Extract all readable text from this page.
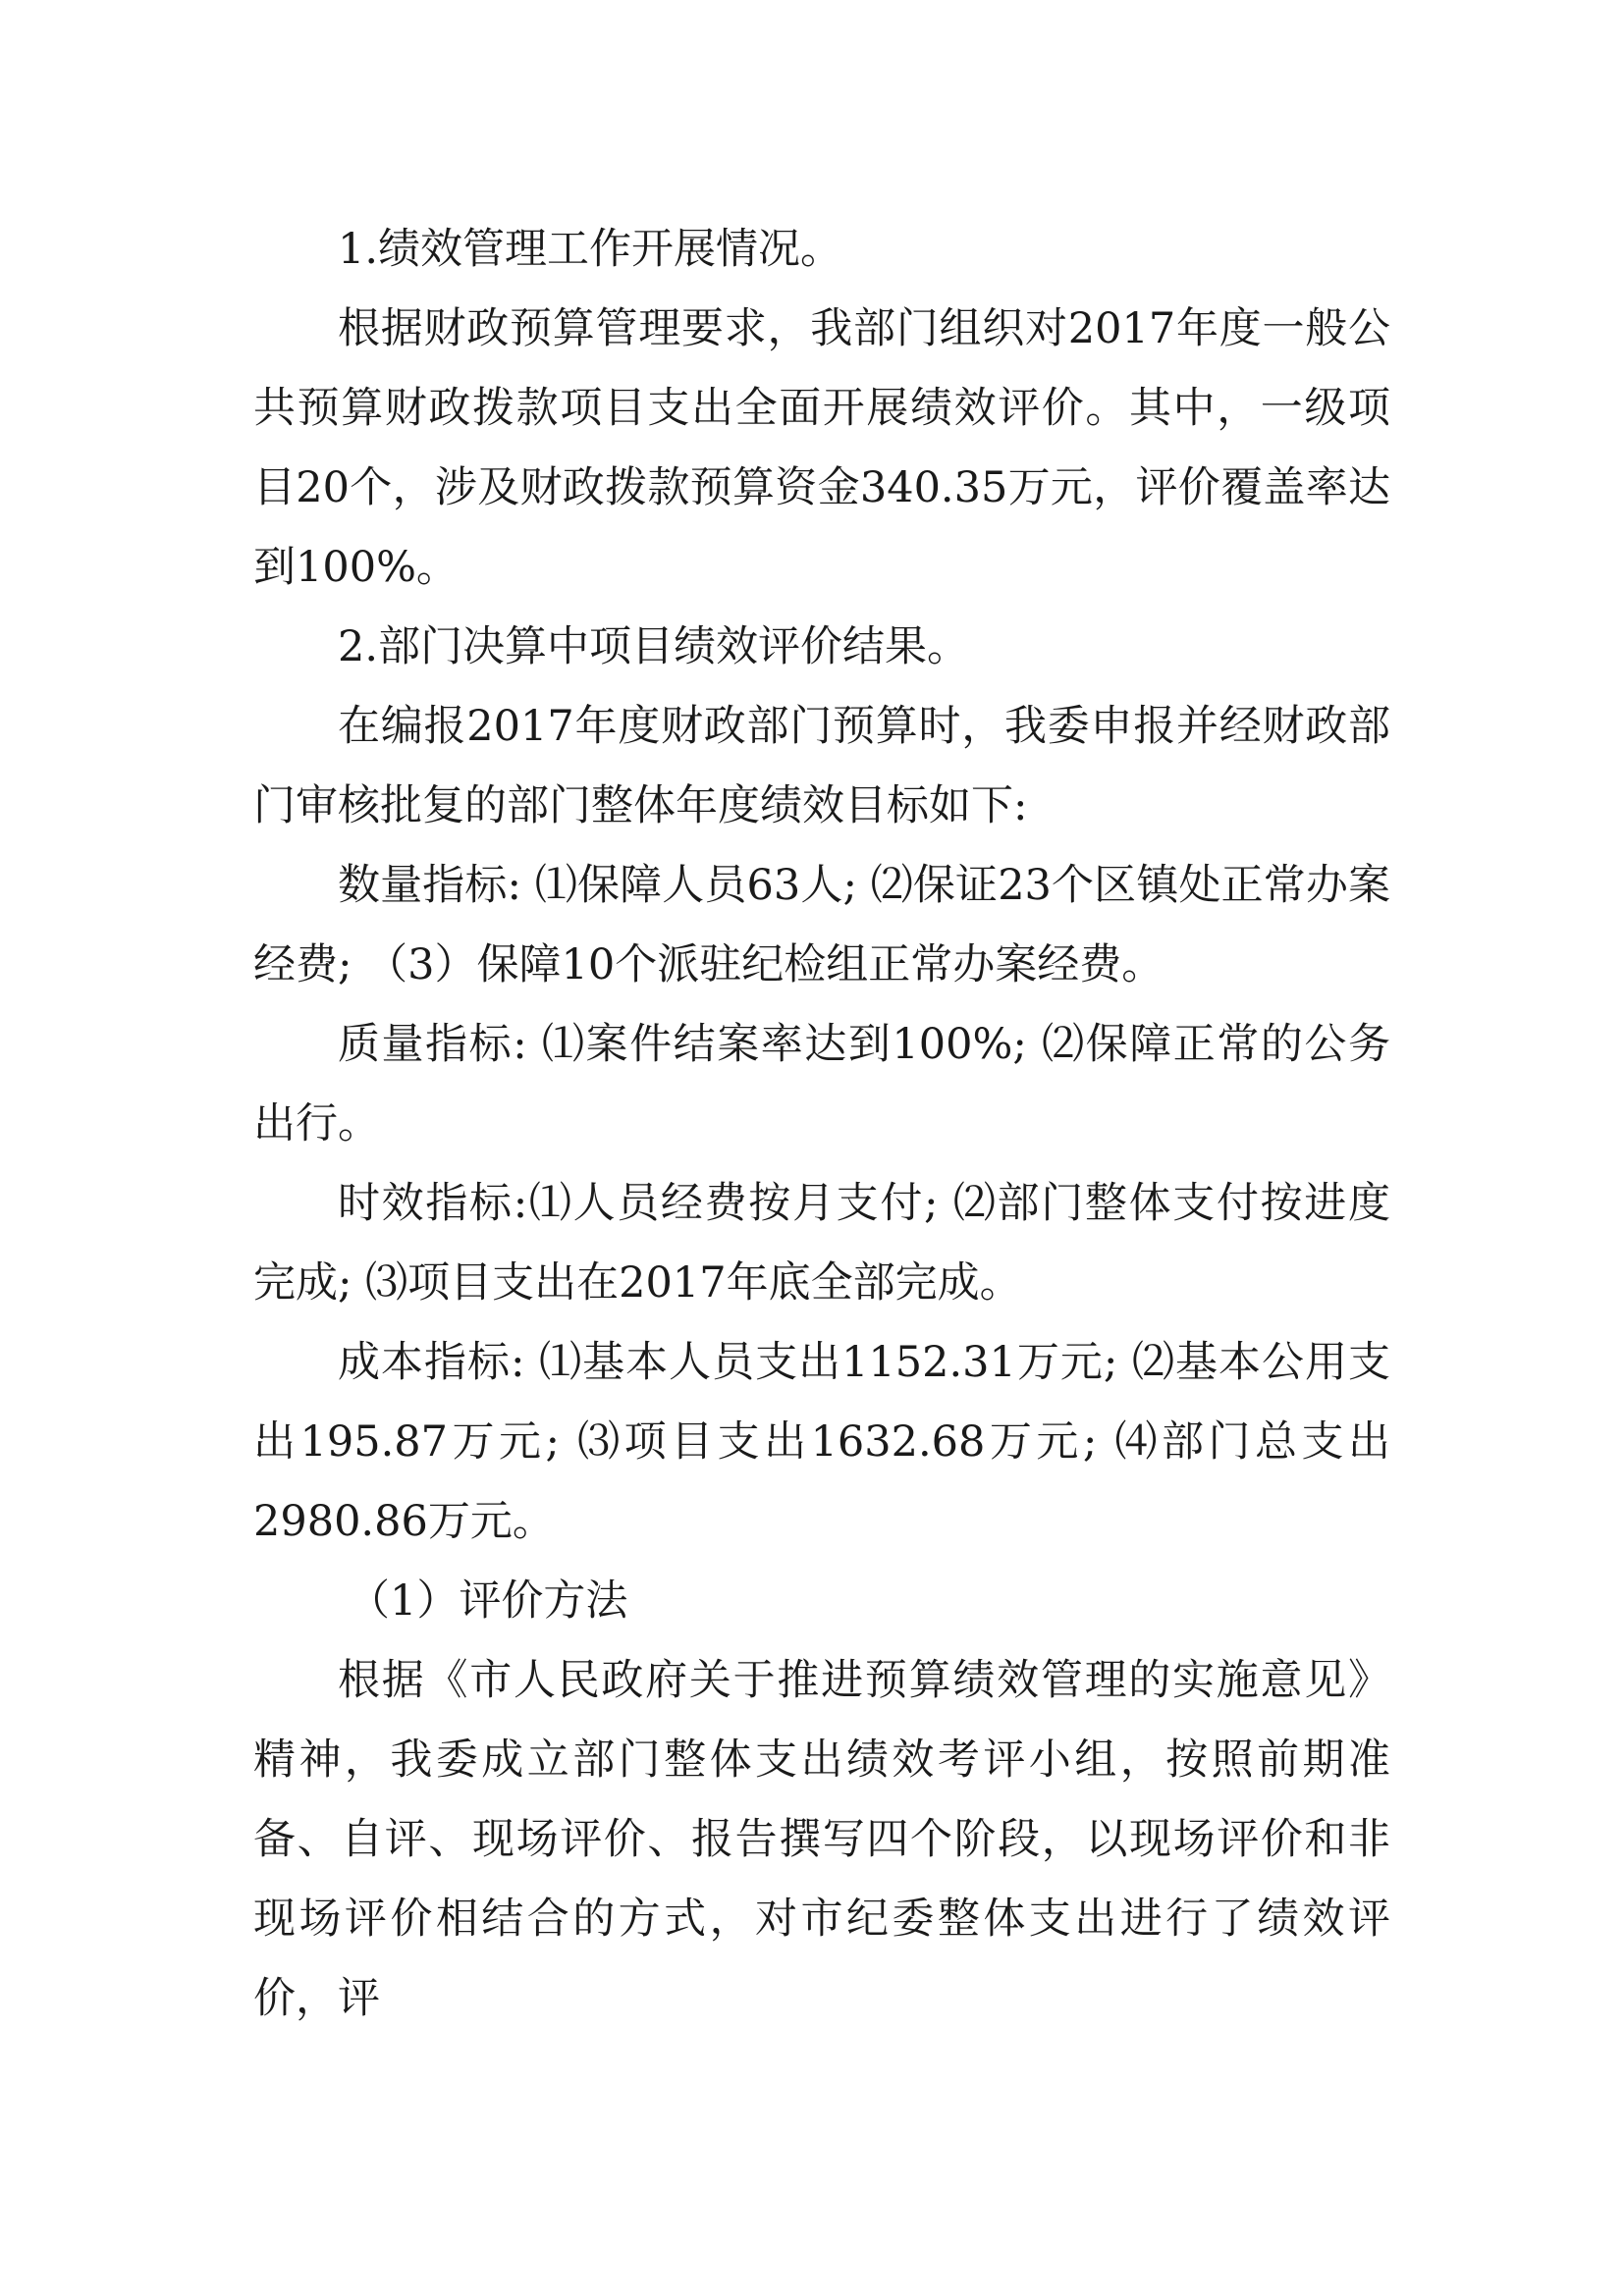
1.绩效管理工作开展情况。

根据财政预算管理要求，我部门组织对2017年度一般公共预算财政拨款项目支出全面开展绩效评价。其中，一级项目20个，涉及财政拨款预算资金340.35万元，评价覆盖率达到100%。

2.部门决算中项目绩效评价结果。

在编报2017年度财政部门预算时，我委申报并经财政部门审核批复的部门整体年度绩效目标如下:

数量指标: ⑴保障人员63人; ⑵保证23个区镇处正常办案经费; （3）保障10个派驻纪检组正常办案经费。

质量指标: ⑴案件结案率达到100%; ⑵保障正常的公务出行。

时效指标:⑴人员经费按月支付; ⑵部门整体支付按进度完成; ⑶项目支出在2017年底全部完成。

成本指标: ⑴基本人员支出1152.31万元; ⑵基本公用支出195.87万元; ⑶项目支出1632.68万元; ⑷部门总支出2980.86万元。

（1）评价方法

根据《市人民政府关于推进预算绩效管理的实施意见》精神，我委成立部门整体支出绩效考评小组，按照前期准备、自评、现场评价、报告撰写四个阶段，以现场评价和非现场评价相结合的方式，对市纪委整体支出进行了绩效评价，评
